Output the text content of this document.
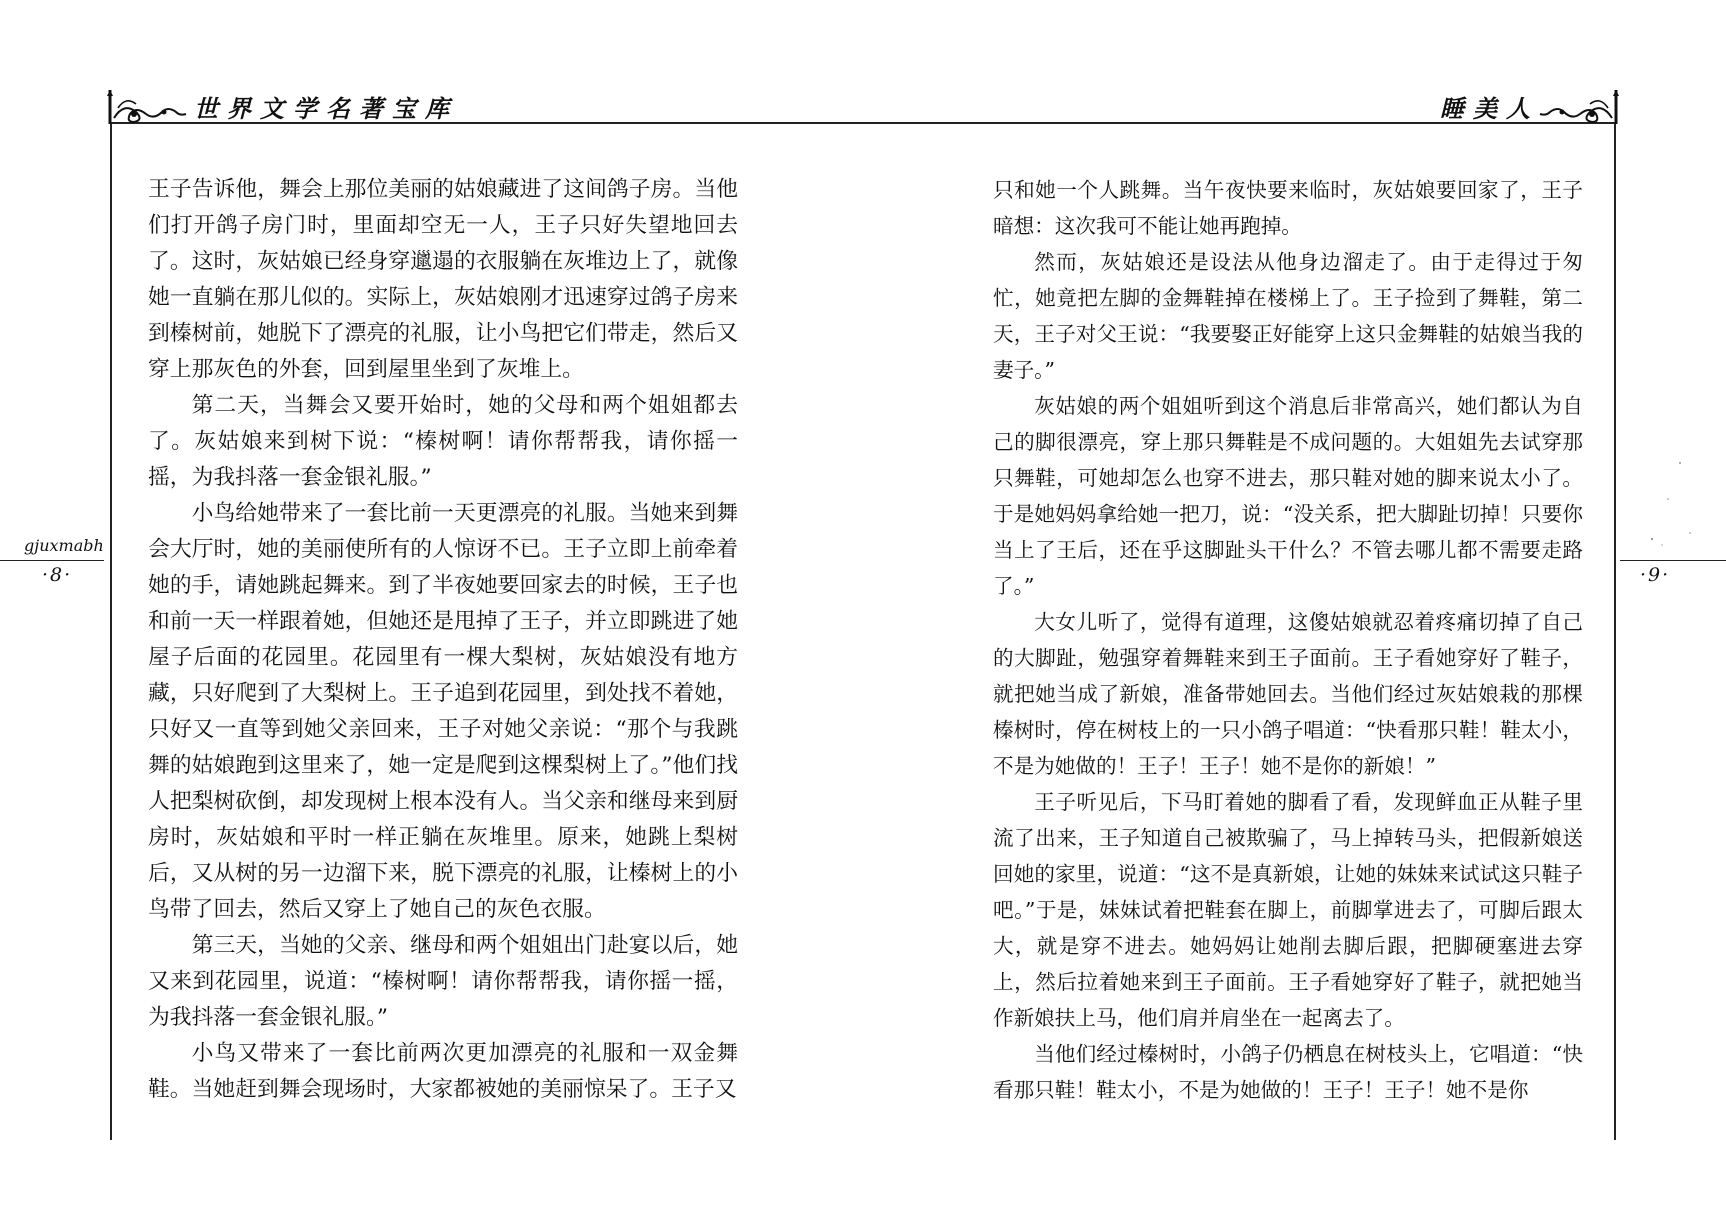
世界文学名著宝库	睡美人
gjuxmabh
·8·	·9·

王子告诉他，舞会上那位美丽的姑娘藏进了这间鸽子房。当他们打开鸽子房门时，里面却空无一人，王子只好失望地回去了。这时，灰姑娘已经身穿邋遢的衣服躺在灰堆边上了，就像她一直躺在那儿似的。实际上，灰姑娘刚才迅速穿过鸽子房来到榛树前，她脱下了漂亮的礼服，让小鸟把它们带走，然后又穿上那灰色的外套，回到屋里坐到了灰堆上。

第二天，当舞会又要开始时，她的父母和两个姐姐都去了。灰姑娘来到树下说：“榛树啊！请你帮帮我，请你摇一摇，为我抖落一套金银礼服。”

小鸟给她带来了一套比前一天更漂亮的礼服。当她来到舞会大厅时，她的美丽使所有的人惊讶不已。王子立即上前牵着她的手，请她跳起舞来。到了半夜她要回家去的时候，王子也和前一天一样跟着她，但她还是甩掉了王子，并立即跳进了她屋子后面的花园里。花园里有一棵大梨树，灰姑娘没有地方藏，只好爬到了大梨树上。王子追到花园里，到处找不着她，只好又一直等到她父亲回来，王子对她父亲说：“那个与我跳舞的姑娘跑到这里来了，她一定是爬到这棵梨树上了。”他们找人把梨树砍倒，却发现树上根本没有人。当父亲和继母来到厨房时，灰姑娘和平时一样正躺在灰堆里。原来，她跳上梨树后，又从树的另一边溜下来，脱下漂亮的礼服，让榛树上的小鸟带了回去，然后又穿上了她自己的灰色衣服。

第三天，当她的父亲、继母和两个姐姐出门赴宴以后，她又来到花园里，说道：“榛树啊！请你帮帮我，请你摇一摇，为我抖落一套金银礼服。”

小鸟又带来了一套比前两次更加漂亮的礼服和一双金舞鞋。当她赶到舞会现场时，大家都被她的美丽惊呆了。王子又

只和她一个人跳舞。当午夜快要来临时，灰姑娘要回家了，王子暗想：这次我可不能让她再跑掉。

然而，灰姑娘还是设法从他身边溜走了。由于走得过于匆忙，她竟把左脚的金舞鞋掉在楼梯上了。王子捡到了舞鞋，第二天，王子对父王说：“我要娶正好能穿上这只金舞鞋的姑娘当我的妻子。”

灰姑娘的两个姐姐听到这个消息后非常高兴，她们都认为自己的脚很漂亮，穿上那只舞鞋是不成问题的。大姐姐先去试穿那只舞鞋，可她却怎么也穿不进去，那只鞋对她的脚来说太小了。于是她妈妈拿给她一把刀，说：“没关系，把大脚趾切掉！只要你当上了王后，还在乎这脚趾头干什么？不管去哪儿都不需要走路了。”

大女儿听了，觉得有道理，这傻姑娘就忍着疼痛切掉了自己的大脚趾，勉强穿着舞鞋来到王子面前。王子看她穿好了鞋子，就把她当成了新娘，准备带她回去。当他们经过灰姑娘栽的那棵榛树时，停在树枝上的一只小鸽子唱道：“快看那只鞋！鞋太小，不是为她做的！王子！王子！她不是你的新娘！”

王子听见后，下马盯着她的脚看了看，发现鲜血正从鞋子里流了出来，王子知道自己被欺骗了，马上掉转马头，把假新娘送回她的家里，说道：“这不是真新娘，让她的妹妹来试试这只鞋子吧。”于是，妹妹试着把鞋套在脚上，前脚掌进去了，可脚后跟太大，就是穿不进去。她妈妈让她削去脚后跟，把脚硬塞进去穿上，然后拉着她来到王子面前。王子看她穿好了鞋子，就把她当作新娘扶上马，他们肩并肩坐在一起离去了。

当他们经过榛树时，小鸽子仍栖息在树枝头上，它唱道：“快看那只鞋！鞋太小，不是为她做的！王子！王子！她不是你
